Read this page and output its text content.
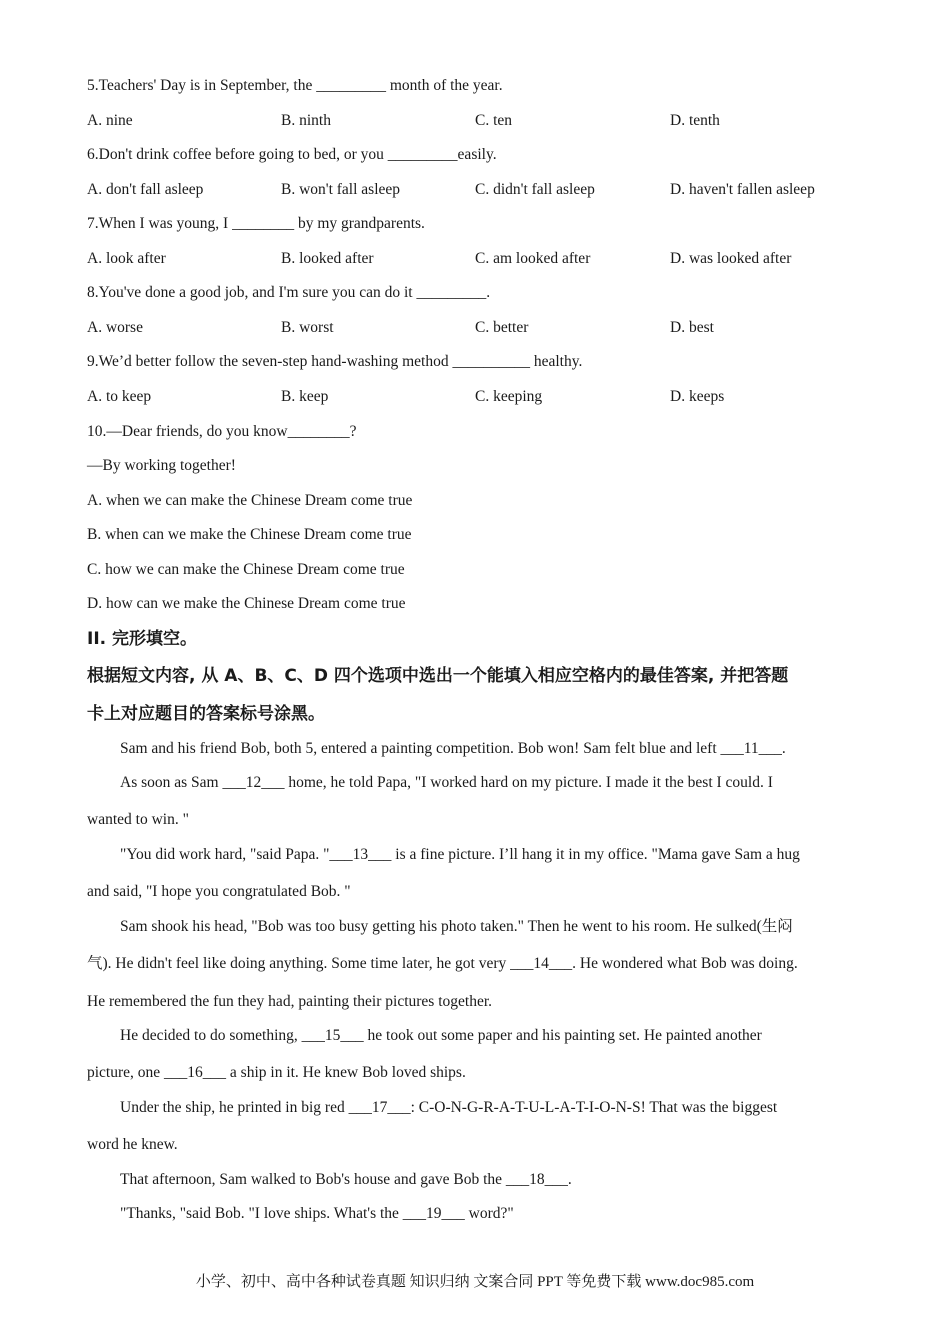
5.Teachers' Day is in September, the _________ month of the year.
A. nine	B. ninth	C. ten	D. tenth
6.Don't drink coffee before going to bed, or you _________easily.
A. don't fall asleep	B. won't fall asleep	C. didn't fall asleep	D. haven't fallen asleep
7.When I was young, I ________ by my grandparents.
A. look after	B. looked after	C. am looked after	D. was looked after
8.You've done a good job, and I'm sure you can do it _________.
A. worse	B. worst	C. better	D. best
9.We’d better follow the seven-step hand-washing method __________ healthy.
A. to keep	B. keep	C. keeping	D. keeps
10.—Dear friends, do you know________?
—By working together!
A. when we can make the Chinese Dream come true
B. when can we make the Chinese Dream come true
C. how we can make the Chinese Dream come true
D. how can we make the Chinese Dream come true
II. 完形填空。
根据短文内容, 从 A、B、C、D 四个选项中选出一个能填入相应空格内的最佳答案, 并把答题
卡上对应题目的答案标号涂黑。
Sam and his friend Bob, both 5, entered a painting competition. Bob won! Sam felt blue and left ___11___.
As soon as Sam ___12___ home, he told Papa, "I worked hard on my picture. I made it the best I could. I
wanted to win. "
"You did work hard, "said Papa. "___13___ is a fine picture. I’ll hang it in my office. "Mama gave Sam a hug
and said, "I hope you congratulated Bob. "
Sam shook his head, "Bob was too busy getting his photo taken." Then he went to his room. He sulked(生闷
气). He didn't feel like doing anything. Some time later, he got very ___14___. He wondered what Bob was doing.
He remembered the fun they had, painting their pictures together.
He decided to do something, ___15___ he took out some paper and his painting set. He painted another
picture, one ___16___ a ship in it. He knew Bob loved ships.
Under the ship, he printed in big red ___17___: C-O-N-G-R-A-T-U-L-A-T-I-O-N-S! That was the biggest
word he knew.
That afternoon, Sam walked to Bob's house and gave Bob the ___18___.
"Thanks, "said Bob. "I love ships. What's the ___19___ word?"
小学、初中、高中各种试卷真题 知识归纳 文案合同 PPT 等免费下载 www.doc985.com
